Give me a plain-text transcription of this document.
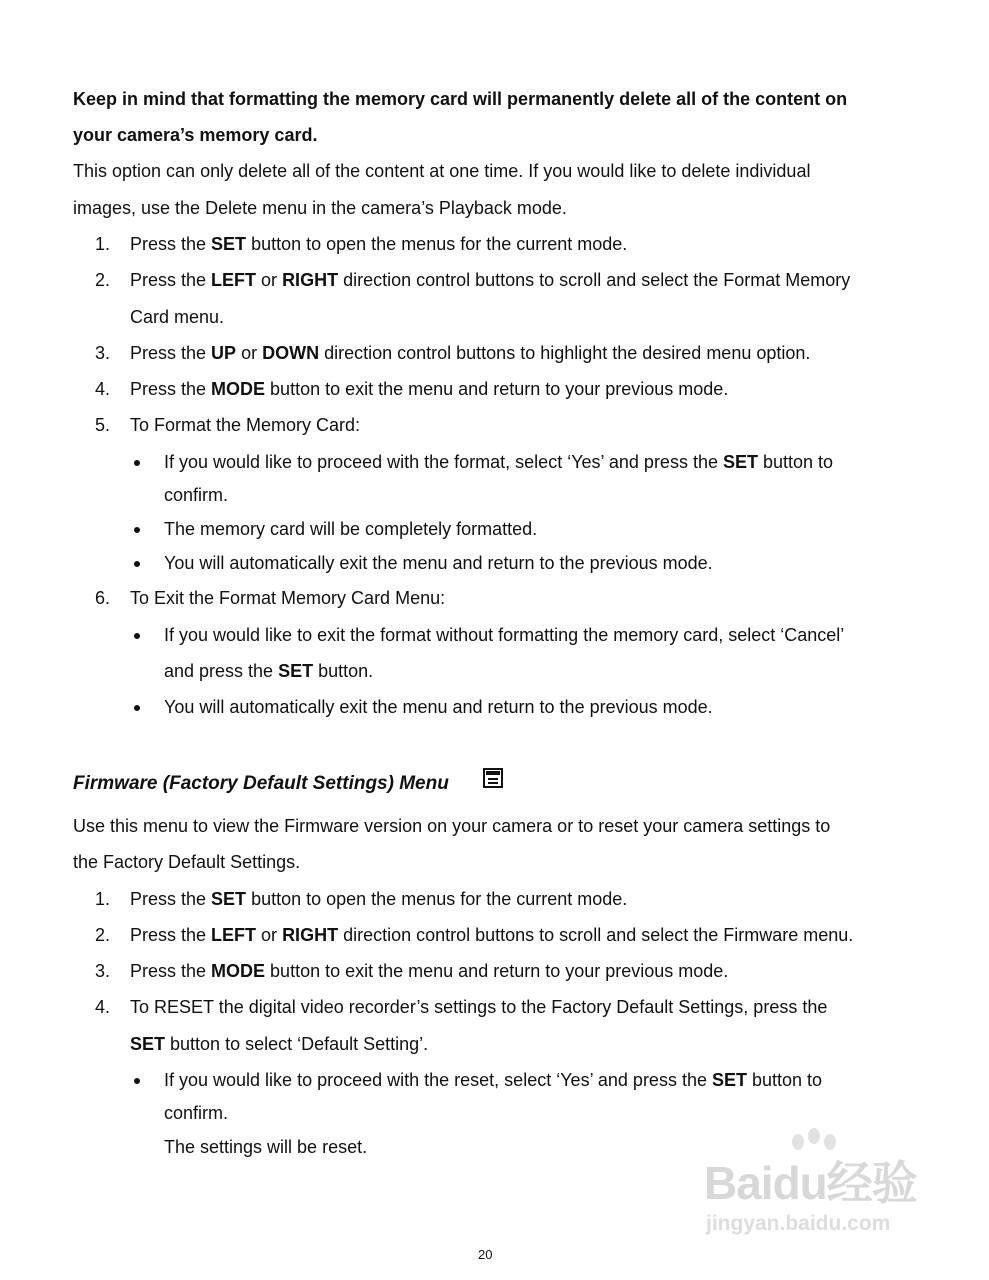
Keep in mind that formatting the memory card will permanently delete all of the content on
your camera’s memory card.
This option can only delete all of the content at one time. If you would like to delete individual
images, use the Delete menu in the camera’s Playback mode.
1. Press the SET button to open the menus for the current mode.
2. Press the LEFT or RIGHT direction control buttons to scroll and select the Format Memory
Card menu.
3. Press the UP or DOWN direction control buttons to highlight the desired menu option.
4. Press the MODE button to exit the menu and return to your previous mode.
5. To Format the Memory Card:
If you would like to proceed with the format, select ‘Yes’ and press the SET button to
confirm.
The memory card will be completely formatted.
You will automatically exit the menu and return to the previous mode.
6. To Exit the Format Memory Card Menu:
If you would like to exit the format without formatting the memory card, select ‘Cancel’
and press the SET button.
You will automatically exit the menu and return to the previous mode.
Firmware (Factory Default Settings) Menu
Use this menu to view the Firmware version on your camera or to reset your camera settings to
the Factory Default Settings.
1. Press the SET button to open the menus for the current mode.
2. Press the LEFT or RIGHT direction control buttons to scroll and select the Firmware menu.
3. Press the MODE button to exit the menu and return to your previous mode.
4. To RESET the digital video recorder’s settings to the Factory Default Settings, press the
SET button to select ‘Default Setting’.
If you would like to proceed with the reset, select ‘Yes’ and press the SET button to
confirm.
The settings will be reset.
Baidu经验
jingyan.baidu.com
20
